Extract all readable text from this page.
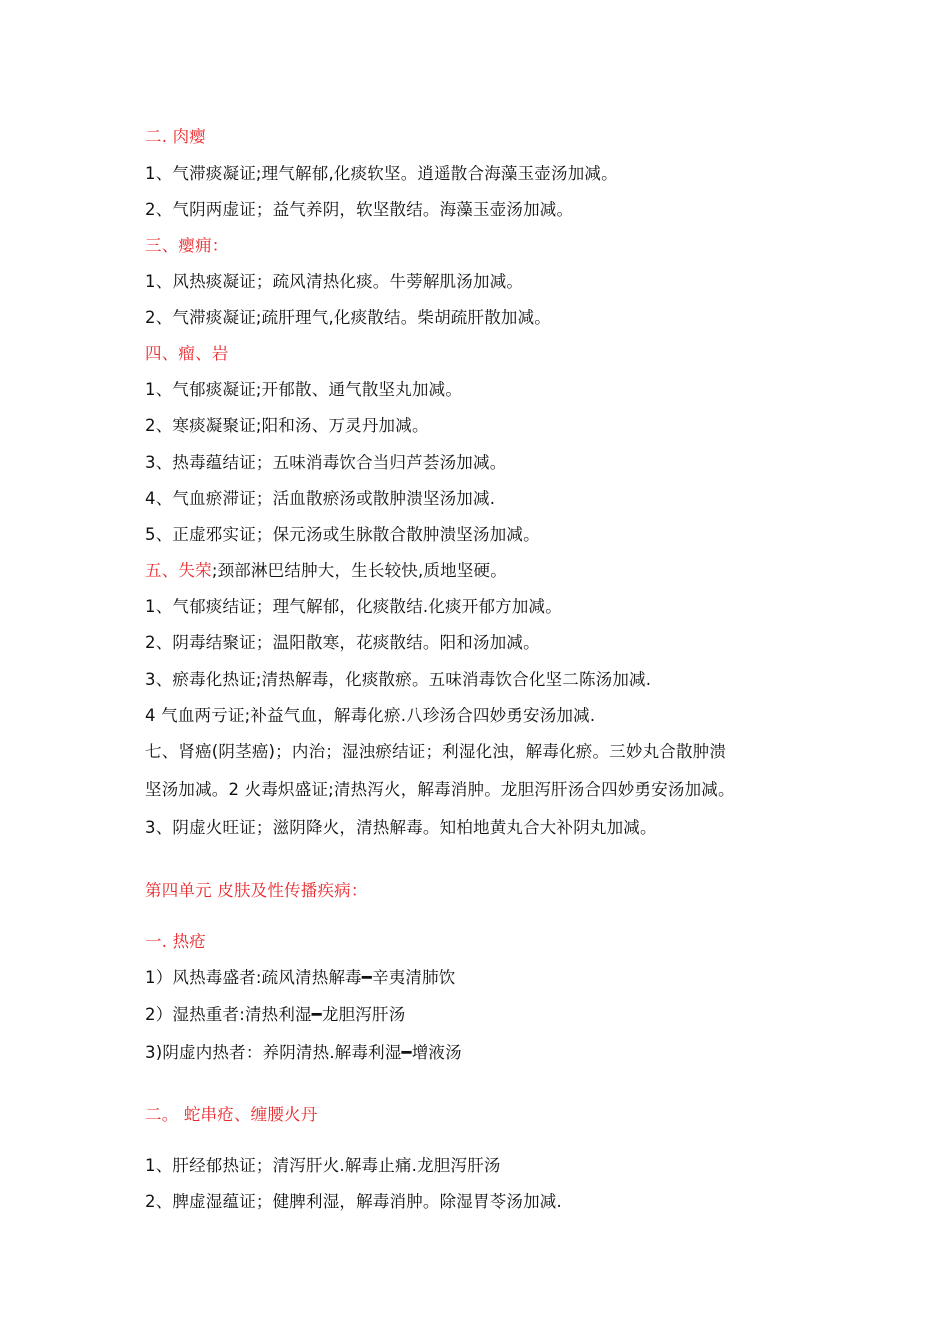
二. 肉瘿
1、气滞痰凝证;理气解郁,化痰软坚。逍遥散合海藻玉壶汤加减。
2、气阴两虚证；益气养阴，软坚散结。海藻玉壶汤加减。
三、瘿痈：
1、风热痰凝证；疏风清热化痰。牛蒡解肌汤加减。
2、气滞痰凝证;疏肝理气,化痰散结。柴胡疏肝散加减。
四、瘤、岩
1、气郁痰凝证;开郁散、通气散坚丸加减。
2、寒痰凝聚证;阳和汤、万灵丹加减。
3、热毒蕴结证；五味消毒饮合当归芦荟汤加减。
4、气血瘀滞证；活血散瘀汤或散肿溃坚汤加减.
5、正虚邪实证；保元汤或生脉散合散肿溃坚汤加减。
五、失荣;颈部淋巴结肿大，生长较快,质地坚硬。
1、气郁痰结证；理气解郁，化痰散结.化痰开郁方加减。
2、阴毒结聚证；温阳散寒，花痰散结。阳和汤加减。
3、瘀毒化热证;清热解毒，化痰散瘀。五味消毒饮合化坚二陈汤加减.
4 气血两亏证;补益气血，解毒化瘀.八珍汤合四妙勇安汤加减.
七、肾癌(阴茎癌)；内治；湿浊瘀结证；利湿化浊，解毒化瘀。三妙丸合散肿溃
坚汤加减。2 火毒炽盛证;清热泻火，解毒消肿。龙胆泻肝汤合四妙勇安汤加减。
3、阴虚火旺证；滋阴降火，清热解毒。知柏地黄丸合大补阴丸加减。
第四单元 皮肤及性传播疾病：
一. 热疮
1）风热毒盛者:疏风清热解毒━辛夷清肺饮
2）湿热重者:清热利湿━龙胆泻肝汤
3)阴虚内热者：养阴清热.解毒利湿━增液汤
二。 蛇串疮、缠腰火丹
1、肝经郁热证；清泻肝火.解毒止痛.龙胆泻肝汤
2、脾虚湿蕴证；健脾利湿，解毒消肿。除湿胃苓汤加减.
